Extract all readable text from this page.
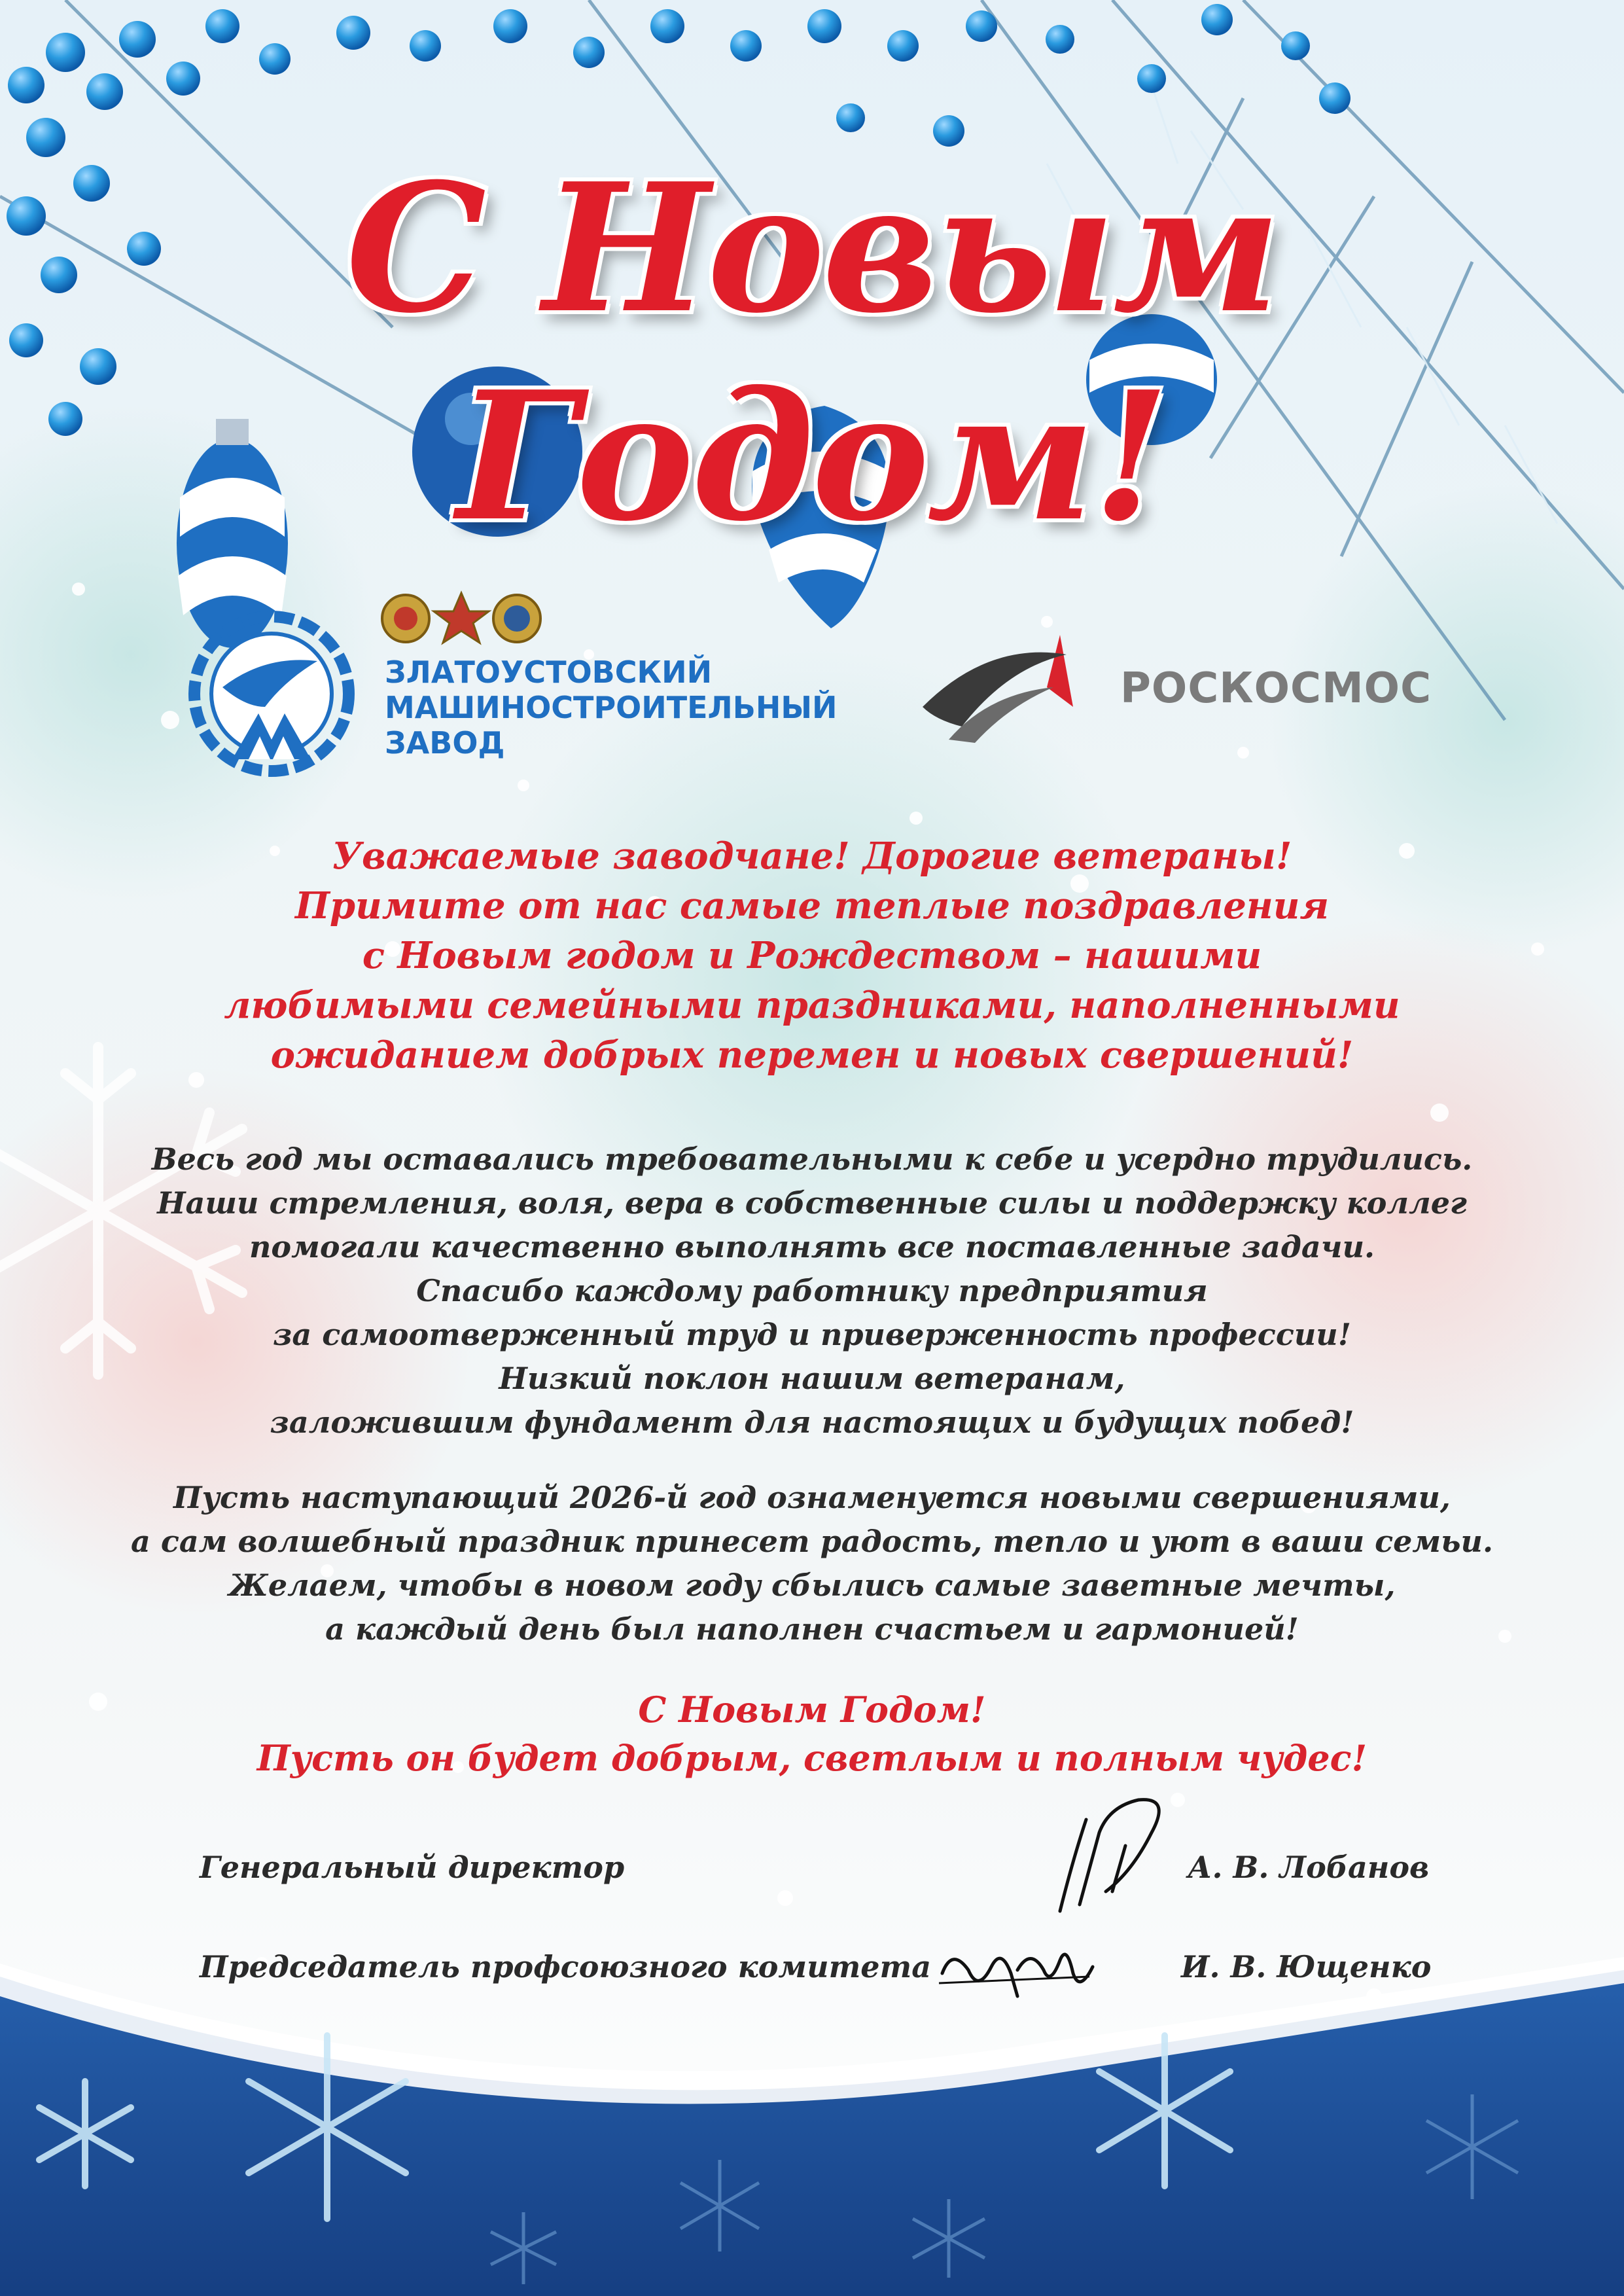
С Новым Годом!
ЗЛАТОУСТОВСКИЙ
МАШИНОСТРОИТЕЛЬНЫЙ
ЗАВОД
РОСКОСМОС
Уважаемые заводчане! Дорогие ветераны!
Примите от нас самые теплые поздравления
с Новым годом и Рождеством – нашими
любимыми семейными праздниками, наполненными
ожиданием добрых перемен и новых свершений!
Весь год мы оставались требовательными к себе и усердно трудились.
Наши стремления, воля, вера в собственные силы и поддержку коллег
помогали качественно выполнять все поставленные задачи.
Спасибо каждому работнику предприятия
за самоотверженный труд и приверженность профессии!
Низкий поклон нашим ветеранам,
заложившим фундамент для настоящих и будущих побед!
Пусть наступающий 2026-й год ознаменуется новыми свершениями,
а сам волшебный праздник принесет радость, тепло и уют в ваши семьи.
Желаем, чтобы в новом году сбылись самые заветные мечты,
а каждый день был наполнен счастьем и гармонией!
С Новым Годом!
Пусть он будет добрым, светлым и полным чудес!
Генеральный директор	А. В. Лобанов
Председатель профсоюзного комитета	И. В. Ющенко
